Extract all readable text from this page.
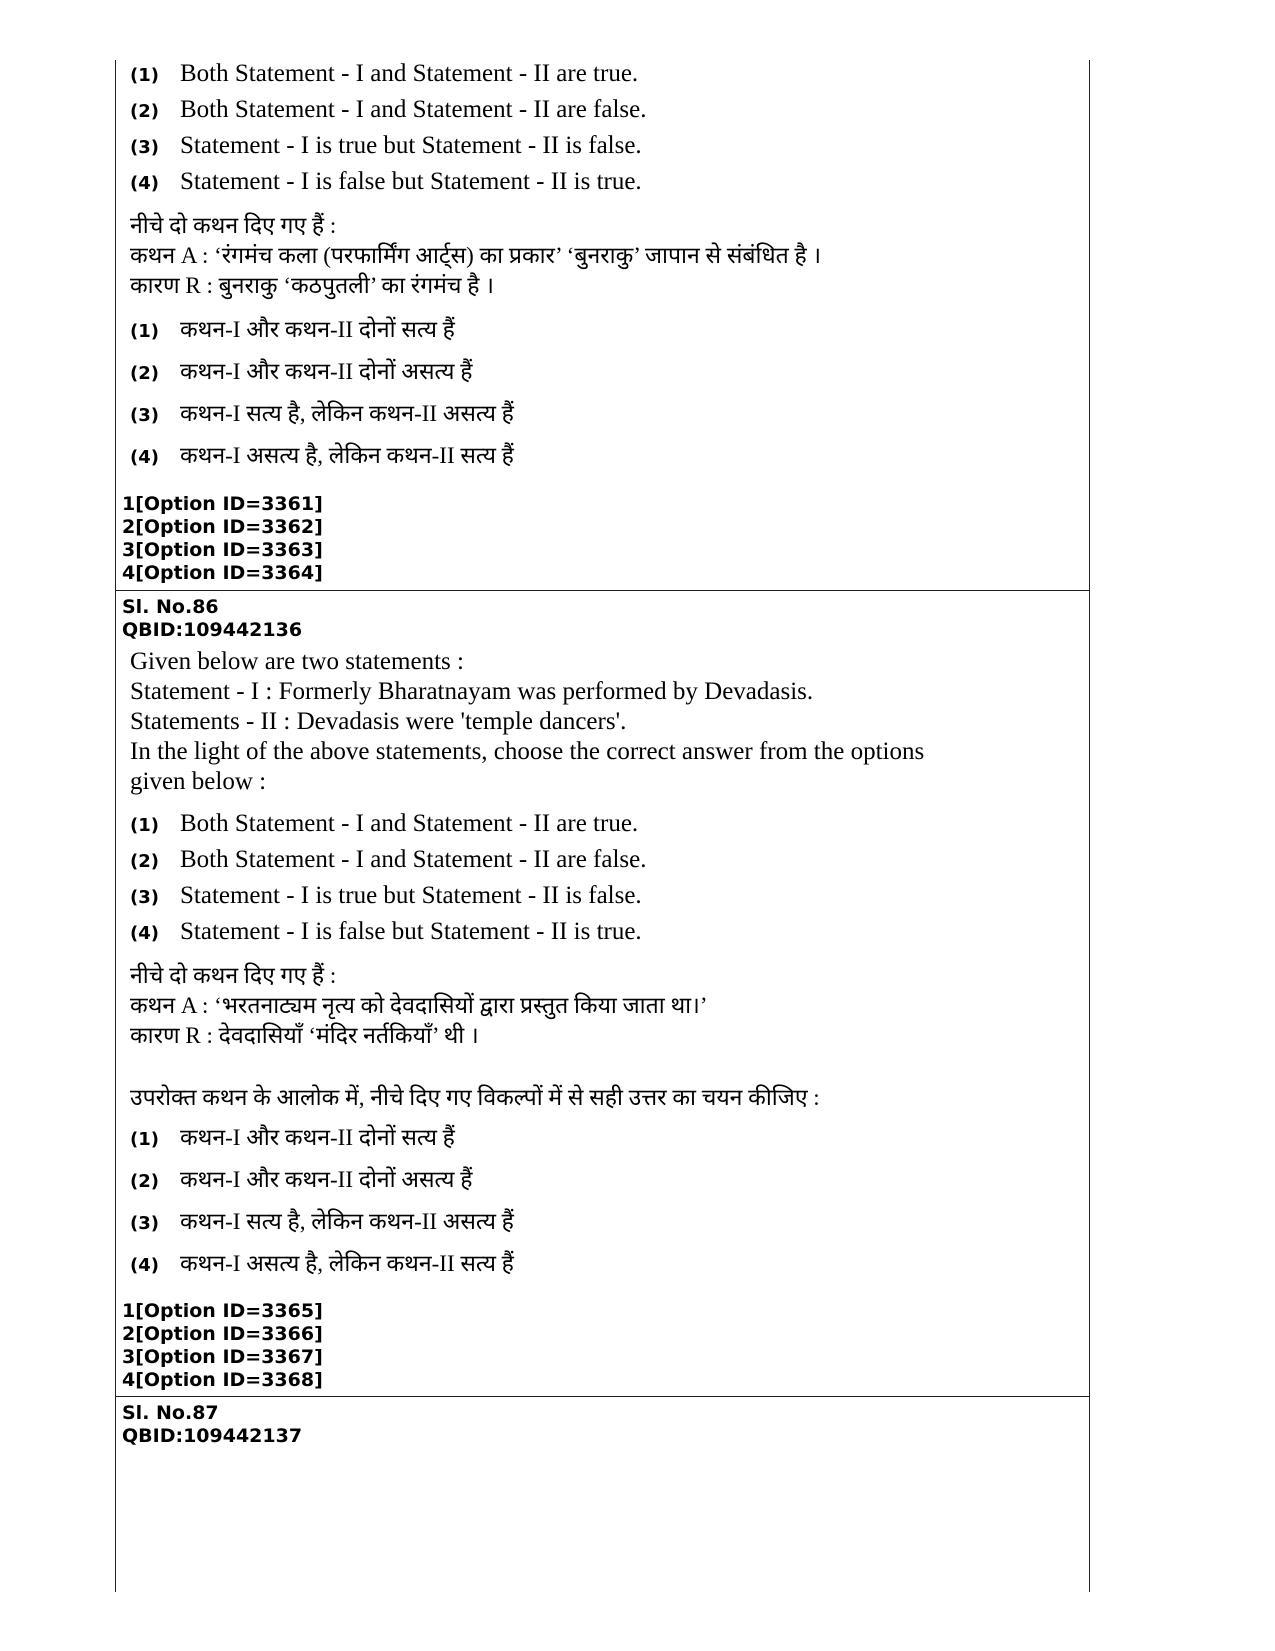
(1) Both Statement - I and Statement - II are true.
(2) Both Statement - I and Statement - II are false.
(3) Statement - I is true but Statement - II is false.
(4) Statement - I is false but Statement - II is true.
नीचे दो कथन दिए गए हैं :
कथन A : ‘रंगमंच कला (परफार्मिंग आर्ट्स) का प्रकार’ ‘बुनराकु’ जापान से संबंधित है ।
कारण R : बुनराकु ‘कठपुतली’ का रंगमंच है ।
(1) कथन-I और कथन-II दोनों सत्य हैं
(2) कथन-I और कथन-II दोनों असत्य हैं
(3) कथन-I सत्य है, लेकिन कथन-II असत्य हैं
(4) कथन-I असत्य है, लेकिन कथन-II सत्य हैं
1[Option ID=3361]
2[Option ID=3362]
3[Option ID=3363]
4[Option ID=3364]
Sl. No.86
QBID:109442136
Given below are two statements :
Statement - I : Formerly Bharatnayam was performed by Devadasis.
Statements - II : Devadasis were 'temple dancers'.
In the light of the above statements, choose the correct answer from the options
given below :
(1) Both Statement - I and Statement - II are true.
(2) Both Statement - I and Statement - II are false.
(3) Statement - I is true but Statement - II is false.
(4) Statement - I is false but Statement - II is true.
नीचे दो कथन दिए गए हैं :
कथन A : ‘भरतनाट्यम नृत्य को देवदासियों द्वारा प्रस्तुत किया जाता था।’
कारण R : देवदासियाँ ‘मंदिर नर्तकियाँ’ थी ।
उपरोक्त कथन के आलोक में, नीचे दिए गए विकल्पों में से सही उत्तर का चयन कीजिए :
(1) कथन-I और कथन-II दोनों सत्य हैं
(2) कथन-I और कथन-II दोनों असत्य हैं
(3) कथन-I सत्य है, लेकिन कथन-II असत्य हैं
(4) कथन-I असत्य है, लेकिन कथन-II सत्य हैं
1[Option ID=3365]
2[Option ID=3366]
3[Option ID=3367]
4[Option ID=3368]
Sl. No.87
QBID:109442137
